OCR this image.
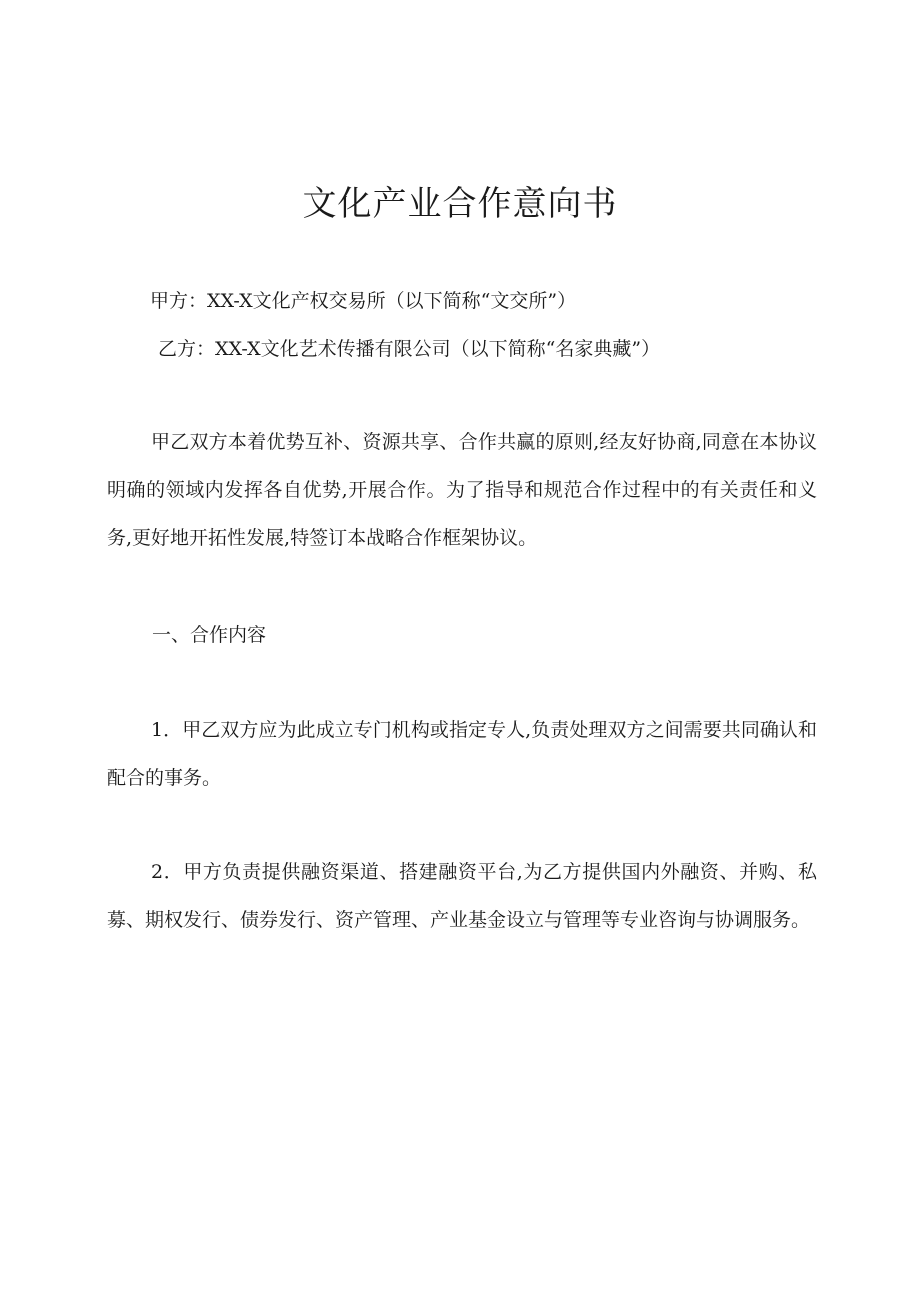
文化产业合作意向书

甲方：XX-X文化产权交易所（以下简称“文交所”）

乙方：XX-X文化艺术传播有限公司（以下简称“名家典藏”）

甲乙双方本着优势互补、资源共享、合作共赢的原则,经友好协商,同意在本协议明确的领域内发挥各自优势,开展合作。为了指导和规范合作过程中的有关责任和义务,更好地开拓性发展,特签订本战略合作框架协议。

一、合作内容

1．甲乙双方应为此成立专门机构或指定专人,负责处理双方之间需要共同确认和配合的事务。

2．甲方负责提供融资渠道、搭建融资平台,为乙方提供国内外融资、并购、私募、期权发行、债券发行、资产管理、产业基金设立与管理等专业咨询与协调服务。
